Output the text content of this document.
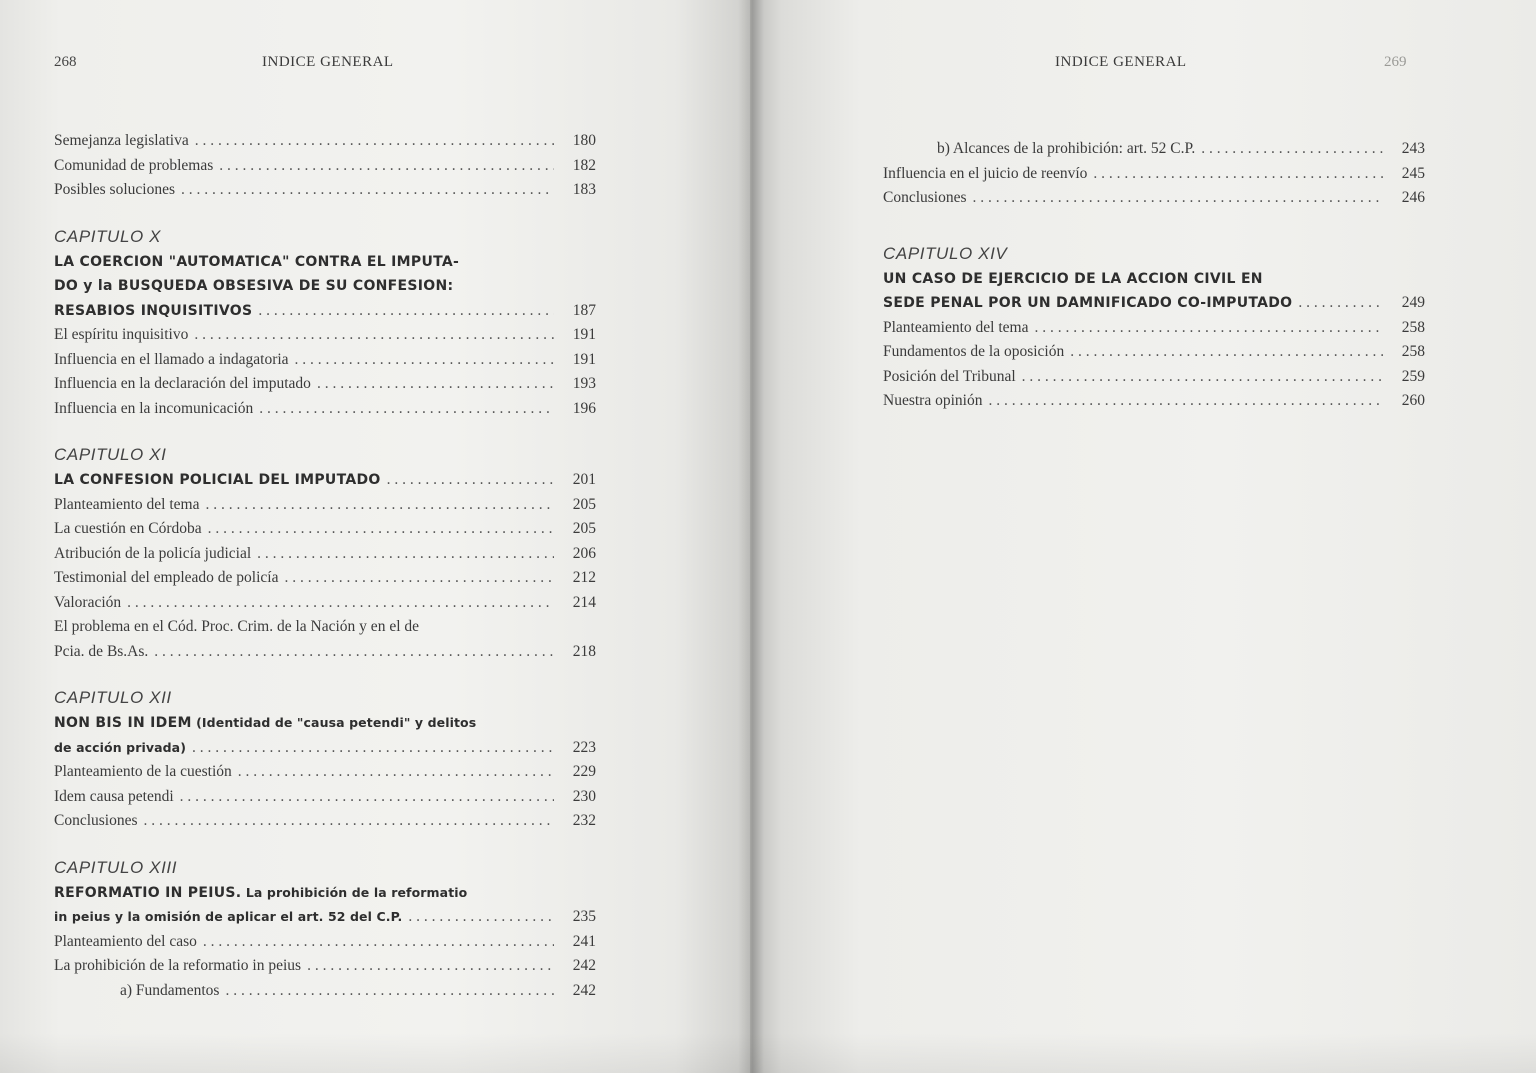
268	INDICE GENERAL
Semejanza legislativa . . .	180
Comunidad de problemas . . .	182
Posibles soluciones . . .	183
CAPITULO X
LA COERCION "AUTOMATICA" CONTRA EL IMPUTA-
DO y la BUSQUEDA OBSESIVA DE SU CONFESION:
RESABIOS INQUISITIVOS . . .	187
El espíritu inquisitivo . . .	191
Influencia en el llamado a indagatoria . . .	191
Influencia en la declaración del imputado . . .	193
Influencia en la incomunicación . . .	196
CAPITULO XI
LA CONFESION POLICIAL DEL IMPUTADO . . .	201
Planteamiento del tema . . .	205
La cuestión en Córdoba . . .	205
Atribución de la policía judicial . . .	206
Testimonial del empleado de policía . . .	212
Valoración . . .	214
El problema en el Cód. Proc. Crim. de la Nación y en el de
Pcia. de Bs.As. . . .	218
CAPITULO XII
NON BIS IN IDEM (Identidad de "causa petendi" y delitos
de acción privada) . . .	223
Planteamiento de la cuestión . . .	229
Idem causa petendi . . .	230
Conclusiones . . .	232
CAPITULO XIII
REFORMATIO IN PEIUS. La prohibición de la reformatio
in peius y la omisión de aplicar el art. 52 del C.P. . . .	235
Planteamiento del caso . . .	241
La prohibición de la reformatio in peius . . .	242
a) Fundamentos . . .	242
INDICE GENERAL	269
b) Alcances de la prohibición: art. 52 C.P. . . .	243
Influencia en el juicio de reenvío . . .	245
Conclusiones . . .	246
CAPITULO XIV
UN CASO DE EJERCICIO DE LA ACCION CIVIL EN
SEDE PENAL POR UN DAMNIFICADO CO-IMPUTADO . . .	249
Planteamiento del tema . . .	258
Fundamentos de la oposición . . .	258
Posición del Tribunal . . .	259
Nuestra opinión . . .	260
